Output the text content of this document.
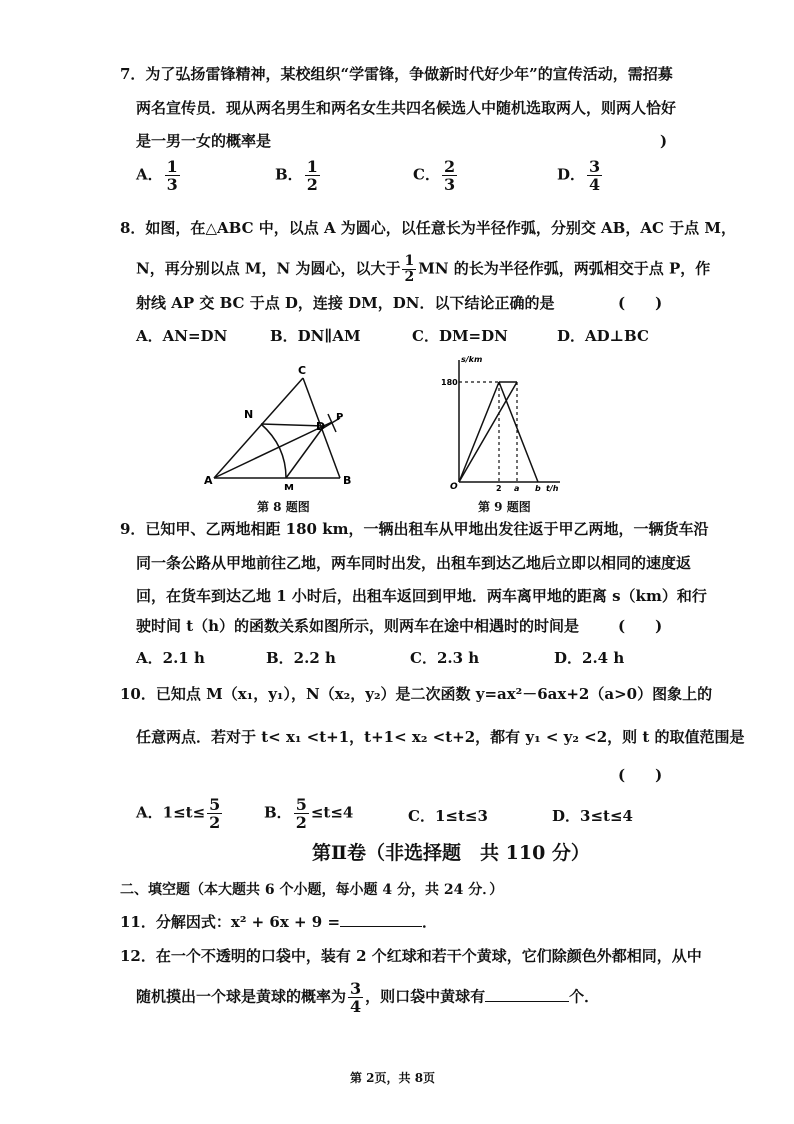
7．为了弘扬雷锋精神，某校组织“学雷锋，争做新时代好少年”的宣传活动，需招募
两名宣传员．现从两名男生和两名女生共四名候选人中随机选取两人，则两人恰好
是一男一女的概率是	)
A． $\frac{1}{3}$	B． $\frac{1}{2}$	C． $\frac{2}{3}$	D． $\frac{3}{4}$
8．如图，在△ABC 中，以点 A 为圆心，以任意长为半径作弧，分别交 AB，AC 于点 M，
N，再分别以点 M，N 为圆心，以大于 $\frac{1}{2}$ MN 的长为半径作弧，两弧相交于点 P，作
射线 AP 交 BC 于点 D，连接 DM，DN．以下结论正确的是	(　　)
A．AN=DN	B．DN∥AM	C．DM=DN	D．AD⊥BC
C
N
D
P
A
M
B
第 8 题图
s/km
180
O	2 a b t/h
第 9 题图
9．已知甲、乙两地相距 180 km，一辆出租车从甲地出发往返于甲乙两地，一辆货车沿
同一条公路从甲地前往乙地，两车同时出发，出租车到达乙地后立即以相同的速度返
回，在货车到达乙地 1 小时后，出租车返回到甲地．两车离甲地的距离 s（km）和行
驶时间 t（h）的函数关系如图所示，则两车在途中相遇时的时间是	(　　)
A．2.1 h	B．2.2 h	C．2.3 h	D．2.4 h
10．已知点 M（x₁，y₁），N（x₂，y₂）是二次函数 y=ax²－6ax+2（a>0）图象上的
任意两点．若对于 t< x₁ <t+1，t+1< x₂ <t+2，都有 y₁ < y₂ <2，则 t 的取值范围是
(　　)
A．$1\le t\le \frac{5}{2}$	B． $\frac{5}{2} \le t\le 4$	C．1≤t≤3	D．3≤t≤4
第Ⅱ卷（非选择题　共 110 分）
二、填空题（本大题共 6 个小题，每小题 4 分，共 24 分．）
11．分解因式：x² + 6x + 9 =	．
12．在一个不透明的口袋中，装有 2 个红球和若干个黄球，它们除颜色外都相同，从中
随机摸出一个球是黄球的概率为 $\frac{3}{4}$ ，则口袋中黄球有	个．
第 2页，共 8页
